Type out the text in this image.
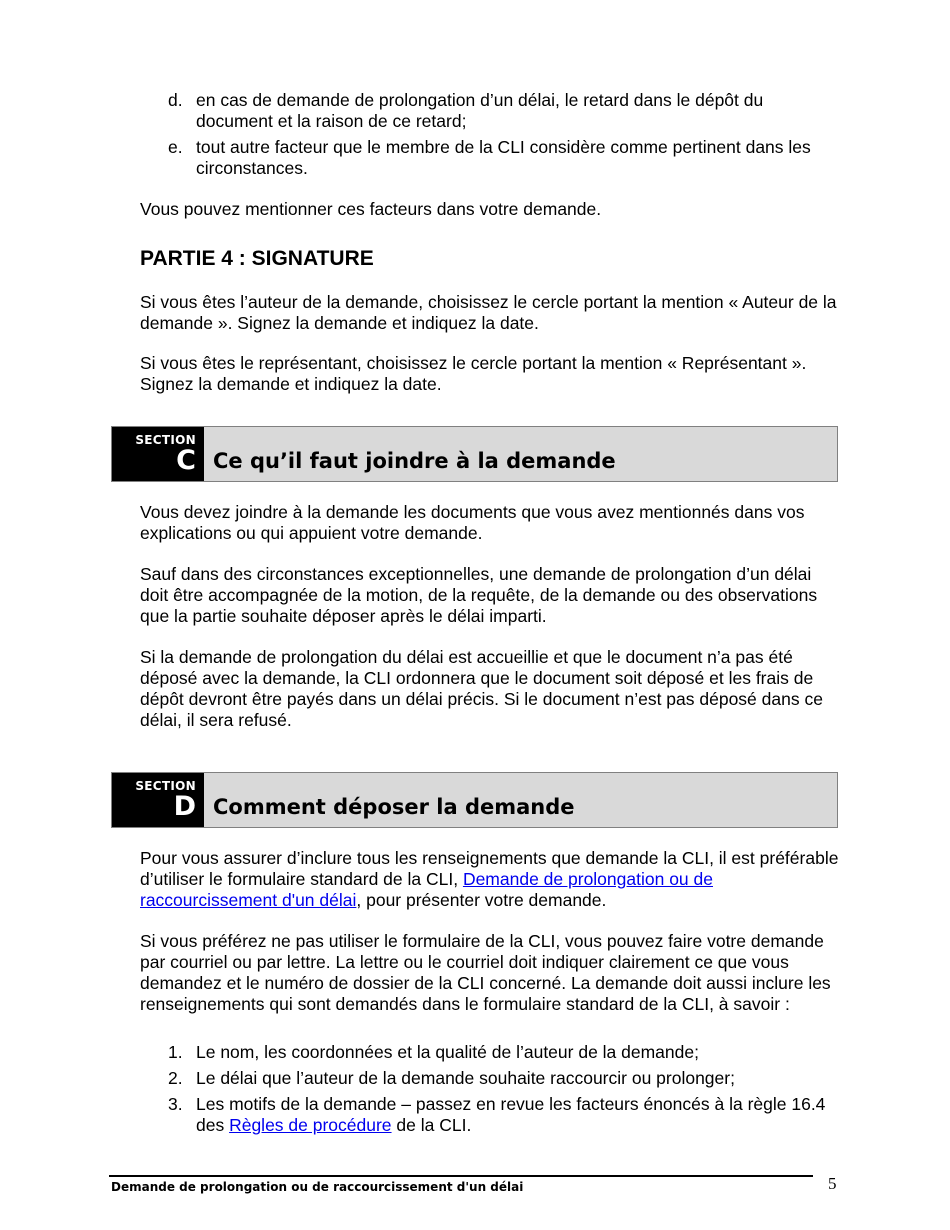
d. en cas de demande de prolongation d’un délai, le retard dans le dépôt du document et la raison de ce retard;
e. tout autre facteur que le membre de la CLI considère comme pertinent dans les circonstances.

Vous pouvez mentionner ces facteurs dans votre demande.

PARTIE 4 : SIGNATURE

Si vous êtes l’auteur de la demande, choisissez le cercle portant la mention « Auteur de la demande ». Signez la demande et indiquez la date.

Si vous êtes le représentant, choisissez le cercle portant la mention « Représentant ». Signez la demande et indiquez la date.

SECTION
C Ce qu’il faut joindre à la demande

Vous devez joindre à la demande les documents que vous avez mentionnés dans vos explications ou qui appuient votre demande.

Sauf dans des circonstances exceptionnelles, une demande de prolongation d’un délai doit être accompagnée de la motion, de la requête, de la demande ou des observations que la partie souhaite déposer après le délai imparti.

Si la demande de prolongation du délai est accueillie et que le document n’a pas été déposé avec la demande, la CLI ordonnera que le document soit déposé et les frais de dépôt devront être payés dans un délai précis. Si le document n’est pas déposé dans ce délai, il sera refusé.

SECTION
D Comment déposer la demande

Pour vous assurer d’inclure tous les renseignements que demande la CLI, il est préférable d’utiliser le formulaire standard de la CLI, Demande de prolongation ou de raccourcissement d'un délai, pour présenter votre demande.

Si vous préférez ne pas utiliser le formulaire de la CLI, vous pouvez faire votre demande par courriel ou par lettre. La lettre ou le courriel doit indiquer clairement ce que vous demandez et le numéro de dossier de la CLI concerné. La demande doit aussi inclure les renseignements qui sont demandés dans le formulaire standard de la CLI, à savoir :

1. Le nom, les coordonnées et la qualité de l’auteur de la demande;
2. Le délai que l’auteur de la demande souhaite raccourcir ou prolonger;
3. Les motifs de la demande – passez en revue les facteurs énoncés à la règle 16.4 des Règles de procédure de la CLI.
Demande de prolongation ou de raccourcissement d'un délai	5
